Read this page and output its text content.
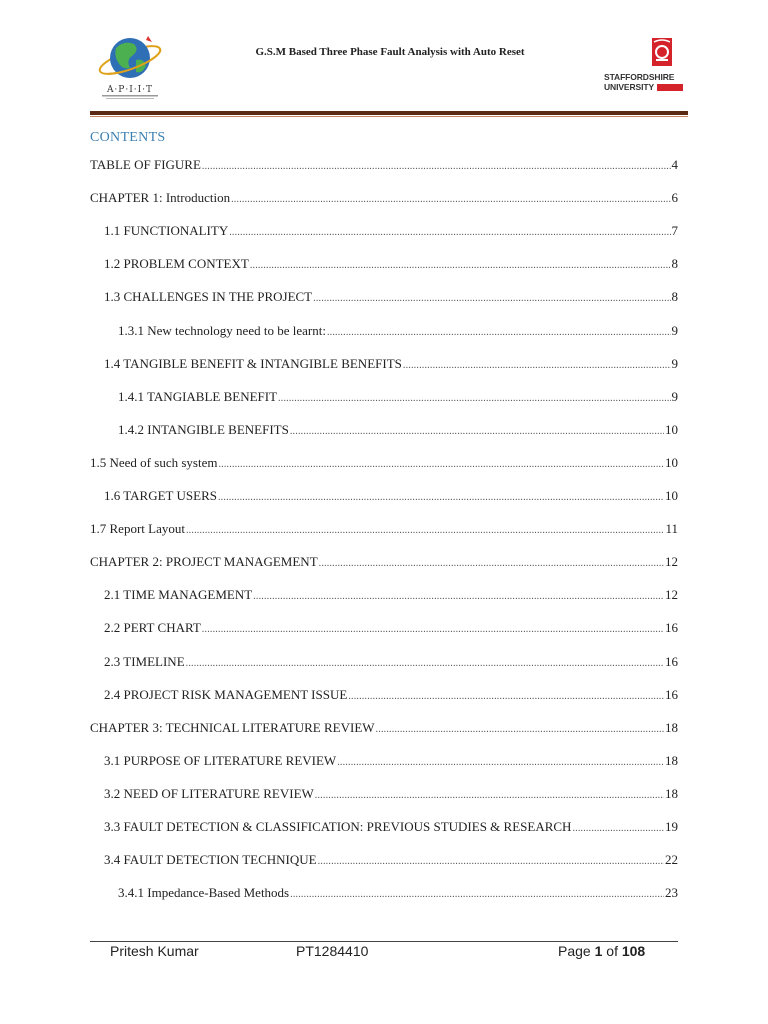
A·P·I·I·T
G.S.M Based Three Phase Fault Analysis with Auto Reset
STAFFORDSHIRE
UNIVERSITY
CONTENTS
TABLE OF FIGURE .....	4
CHAPTER 1: Introduction .....	6
1.1 FUNCTIONALITY .....	7
1.2 PROBLEM CONTEXT .....	8
1.3 CHALLENGES IN THE PROJECT .....	8
1.3.1 New technology need to be learnt: .....	9
1.4 TANGIBLE BENEFIT & INTANGIBLE BENEFITS .....	9
1.4.1 TANGIABLE BENEFIT .....	9
1.4.2 INTANGIBLE BENEFITS .....	10
1.5 Need of such system .....	10
1.6 TARGET USERS .....	10
1.7 Report Layout .....	11
CHAPTER 2: PROJECT MANAGEMENT .....	12
2.1 TIME MANAGEMENT .....	12
2.2 PERT CHART .....	16
2.3 TIMELINE .....	16
2.4 PROJECT RISK MANAGEMENT ISSUE .....	16
CHAPTER 3: TECHNICAL LITERATURE REVIEW .....	18
3.1 PURPOSE OF LITERATURE REVIEW .....	18
3.2 NEED OF LITERATURE REVIEW .....	18
3.3 FAULT DETECTION & CLASSIFICATION: PREVIOUS STUDIES & RESEARCH .....	19
3.4 FAULT DETECTION TECHNIQUE .....	22
3.4.1 Impedance-Based Methods .....	23
Pritesh Kumar	PT1284410	Page 1 of 108
